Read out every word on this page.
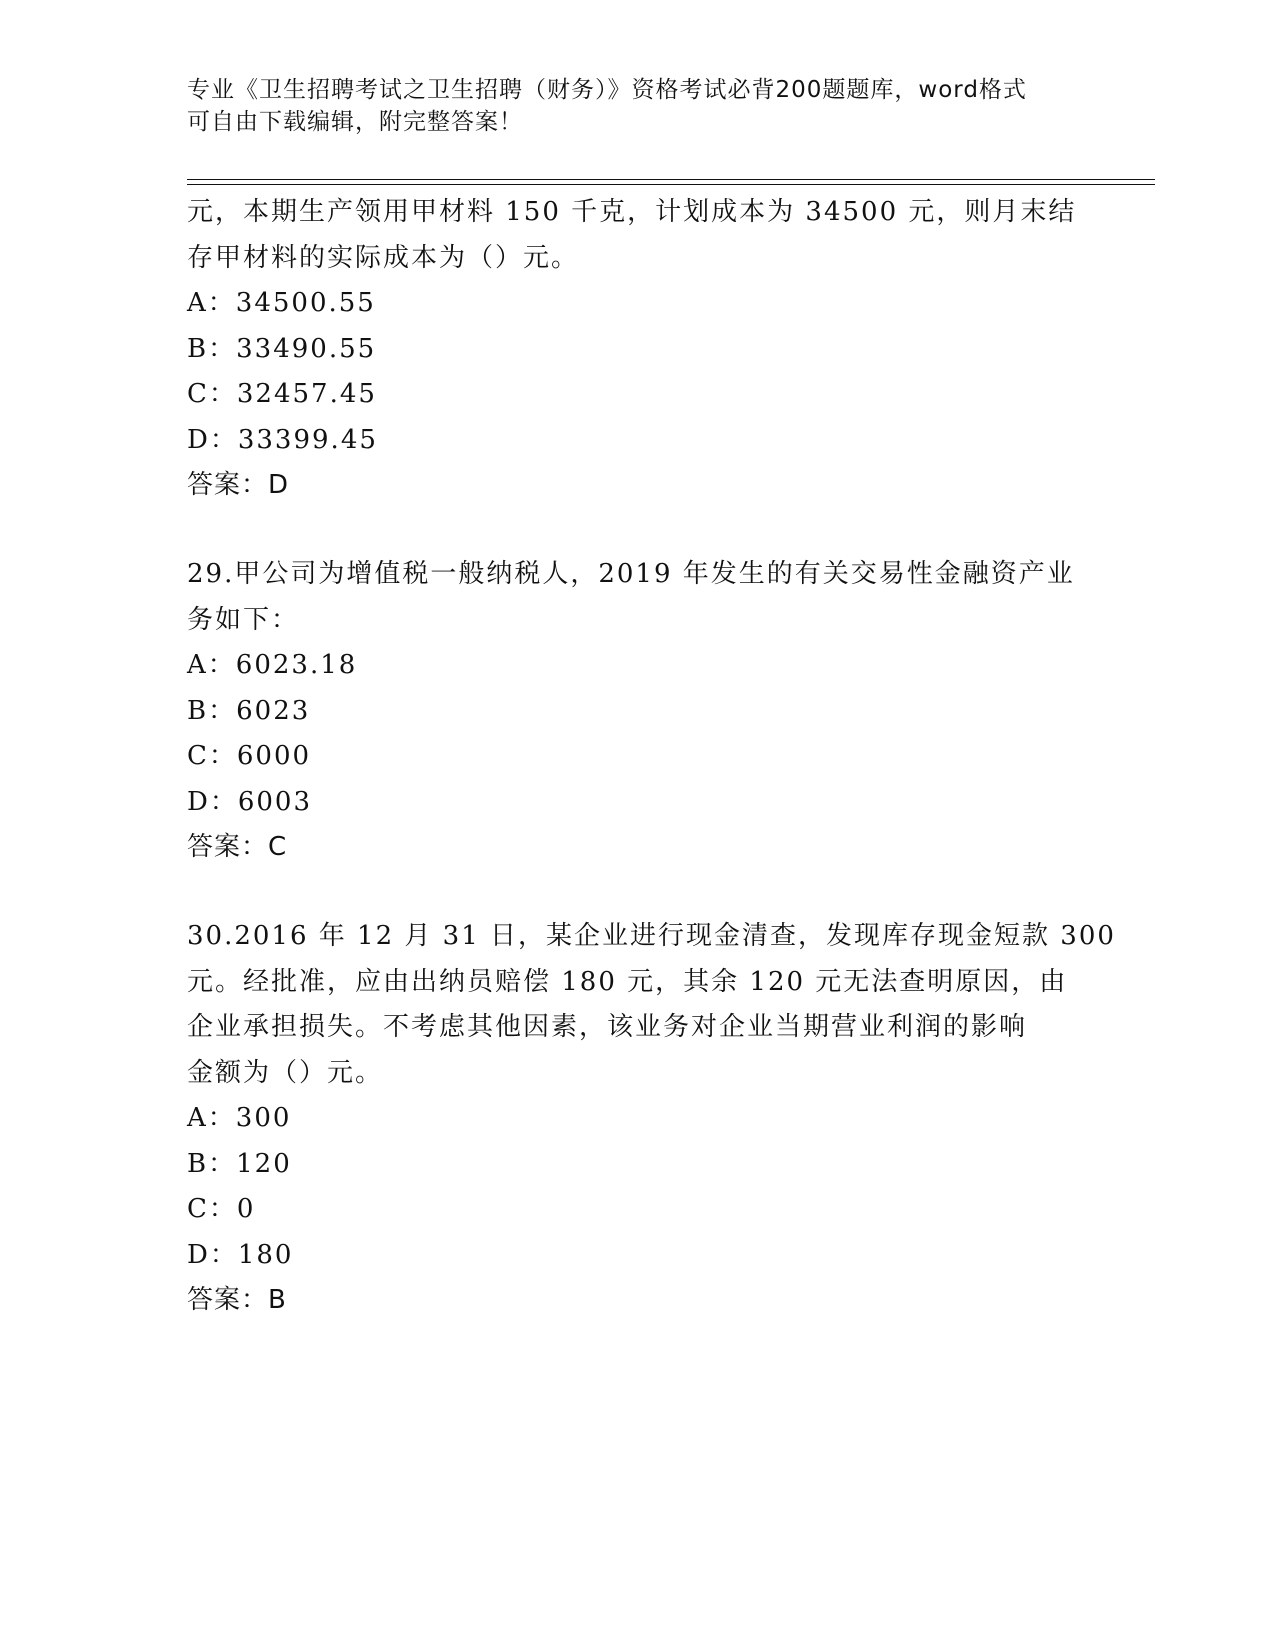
专业《卫生招聘考试之卫生招聘（财务）》资格考试必背200题题库，word格式
可自由下载编辑，附完整答案！
元，本期生产领用甲材料 150 千克，计划成本为 34500 元，则月末结
存甲材料的实际成本为（）元。
A：34500.55
B：33490.55
C：32457.45
D：33399.45
答案：D
29.甲公司为增值税一般纳税人，2019 年发生的有关交易性金融资产业
务如下：
A：6023.18
B：6023
C：6000
D：6003
答案：C
30.2016 年 12 月 31 日，某企业进行现金清查，发现库存现金短款 300
元。经批准，应由出纳员赔偿 180 元，其余 120 元无法查明原因，由
企业承担损失。不考虑其他因素，该业务对企业当期营业利润的影响
金额为（）元。
A：300
B：120
C：0
D：180
答案：B
